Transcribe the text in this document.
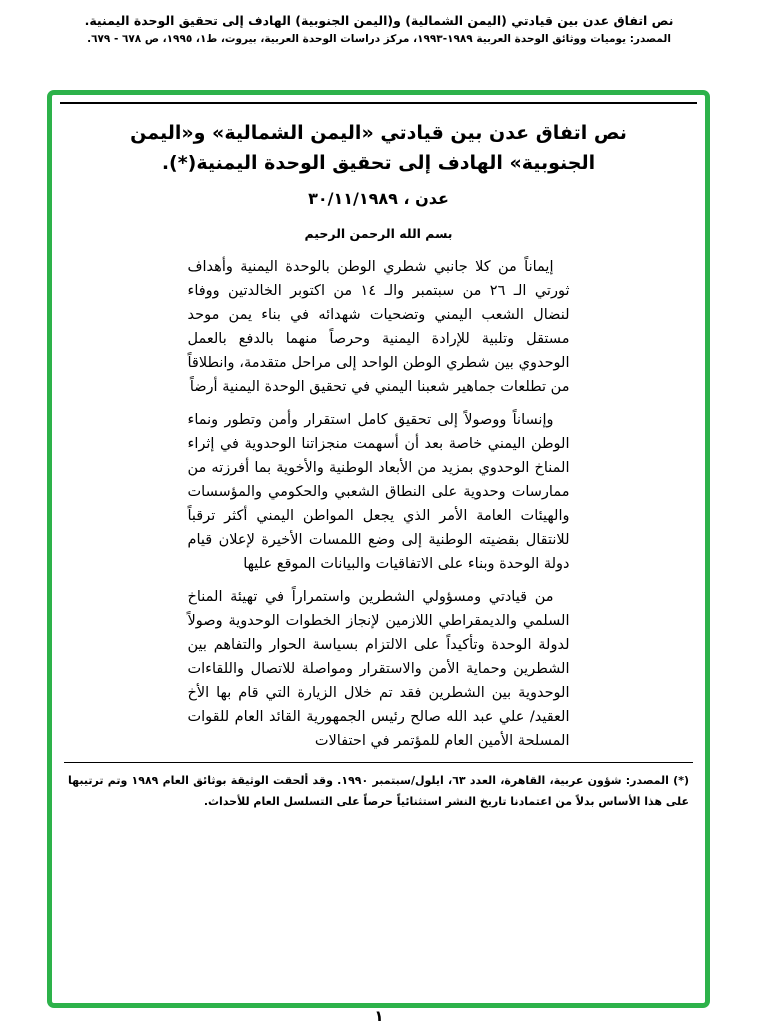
نص اتفاق عدن بين قيادتي (اليمن الشمالية) و(اليمن الجنوبية) الهادف إلى تحقيق الوحدة اليمنية.
المصدر: يوميات ووثائق الوحدة العربية ١٩٨٩-١٩٩٣، مركز دراسات الوحدة العربية، بيروت، ط١، ١٩٩٥، ص ٦٧٨ - ٦٧٩.
نص اتفاق عدن بين قيادتي «اليمن الشمالية» و«اليمن الجنوبية» الهادف إلى تحقيق الوحدة اليمنية(*).
عدن ، ٣٠/١١/١٩٨٩
بسم الله الرحمن الرحيم

إيماناً من كلا جانبي شطري الوطن بالوحدة اليمنية وأهداف ثورتي الـ ٢٦ من سبتمبر والـ ١٤ من اكتوبر الخالدتين ووفاء لنضال الشعب اليمني وتضحيات شهدائه في بناء يمن موحد مستقل وتلبية للإرادة اليمنية وحرصاً منهما بالدفع بالعمل الوحدوي بين شطري الوطن الواحد إلى مراحل متقدمة، وانطلاقاً من تطلعات جماهير شعبنا اليمني في تحقيق الوحدة اليمنية أرضاً

وإنساناً ووصولاً إلى تحقيق كامل استقرار وأمن وتطور ونماء الوطن اليمني خاصة بعد أن أسهمت منجزاتنا الوحدوية في إثراء المناخ الوحدوي بمزيد من الأبعاد الوطنية والأخوية بما أفرزته من ممارسات وحدوية على النطاق الشعبي والحكومي والمؤسسات والهيئات العامة الأمر الذي يجعل المواطن اليمني أكثر ترقباً للانتقال بقضيته الوطنية إلى وضع اللمسات الأخيرة لإعلان قيام دولة الوحدة وبناء على الاتفاقيات والبيانات الموقع عليها

من قيادتي ومسؤولي الشطرين واستمراراً في تهيئة المناخ السلمي والديمقراطي اللازمين لإنجاز الخطوات الوحدوية وصولاً لدولة الوحدة وتأكيداً على الالتزام بسياسة الحوار والتفاهم بين الشطرين وحماية الأمن والاستقرار ومواصلة للاتصال واللقاءات الوحدوية بين الشطرين فقد تم خلال الزيارة التي قام بها الأخ العقيد/ علي عبد الله صالح رئيس الجمهورية القائد العام للقوات المسلحة الأمين العام للمؤتمر في احتفالات

(*) المصدر: شؤون عربية، القاهرة، العدد ٦٣، ايلول/سبتمبر ١٩٩٠. وقد ألحقت الوثيقة بوثائق العام ١٩٨٩ وتم ترتيبها على هذا الأساس بدلاً من اعتمادنا تاريخ النشر استثنائياً حرصاً على التسلسل العام للأحداث.
١
